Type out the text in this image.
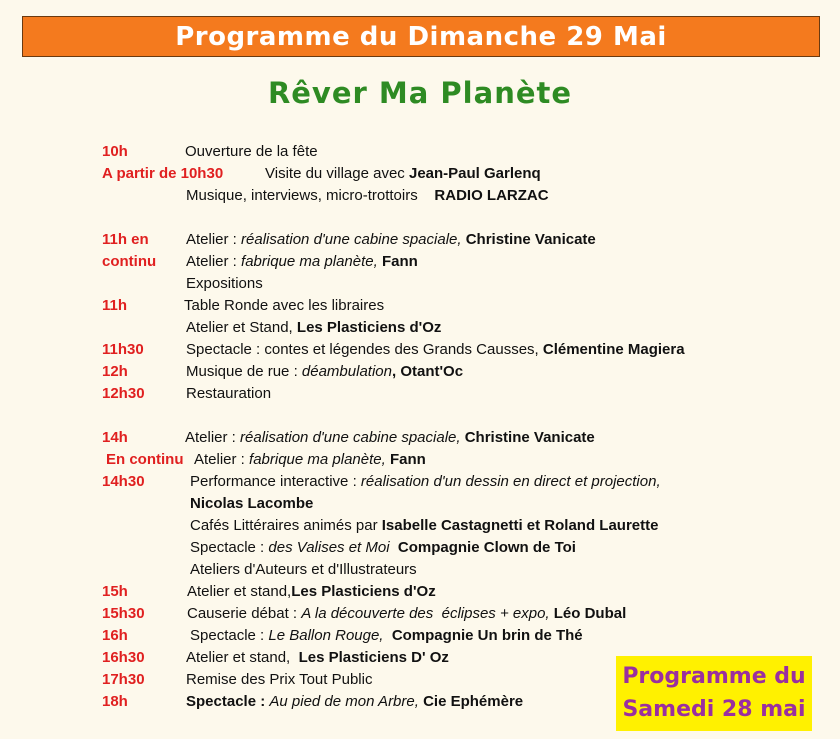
Programme du Dimanche 29 Mai
Rêver Ma Planète
10h	Ouverture de la fête
A partir de 10h30	Visite du village avec Jean-Paul Garlenq
Musique, interviews, micro-trottoirs    RADIO LARZAC
11h en Atelier : réalisation d'une cabine spaciale, Christine Vanicate
continu Atelier : fabrique ma planète, Fann
Expositions
11h	Table Ronde avec les libraires
Atelier et Stand, Les Plasticiens d'Oz
11h30	Spectacle : contes et légendes des Grands Causses, Clémentine Magiera
12h	Musique de rue : déambulation, Otant'Oc
12h30	Restauration
14h	Atelier : réalisation d'une cabine spaciale, Christine Vanicate
En continu Atelier : fabrique ma planète, Fann
14h30	Performance interactive : réalisation d'un dessin en direct et projection,
Nicolas Lacombe
Cafés Littéraires animés par Isabelle Castagnetti et Roland Laurette
Spectacle : des Valises et Moi  Compagnie Clown de Toi
Ateliers d'Auteurs et d'Illustrateurs
15h	Atelier et stand,Les Plasticiens d'Oz
15h30	Causerie débat : A la découverte des  éclipses + expo, Léo Dubal
16h	Spectacle : Le Ballon Rouge,  Compagnie Un brin de Thé
16h30	Atelier et stand,  Les Plasticiens D' Oz
17h30	Remise des Prix Tout Public
18h	Spectacle : Au pied de mon Arbre, Cie Ephémère
Programme du
Samedi 28 mai
